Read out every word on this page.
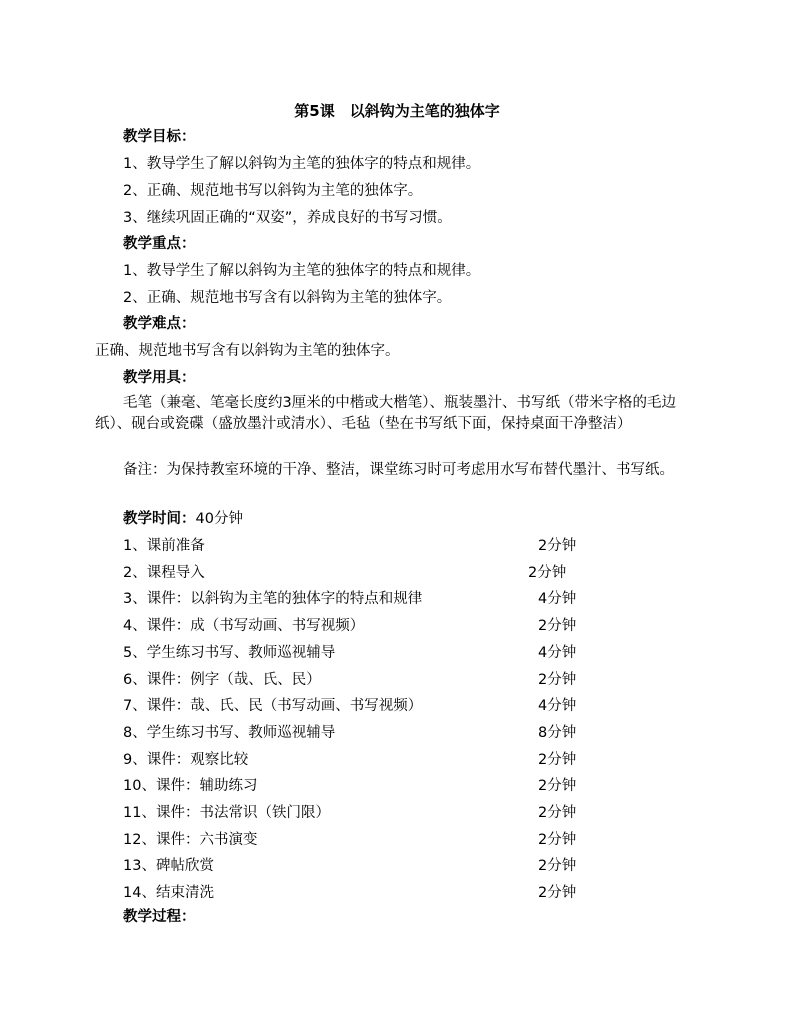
第5课　以斜钩为主笔的独体字
教学目标：
1、教导学生了解以斜钩为主笔的独体字的特点和规律。
2、正确、规范地书写以斜钩为主笔的独体字。
3、继续巩固正确的“双姿”，养成良好的书写习惯。
教学重点：
1、教导学生了解以斜钩为主笔的独体字的特点和规律。
2、正确、规范地书写含有以斜钩为主笔的独体字。
教学难点：
正确、规范地书写含有以斜钩为主笔的独体字。
教学用具：
毛笔（兼毫、笔毫长度约3厘米的中楷或大楷笔）、瓶装墨汁、书写纸（带米字格的毛边纸）、砚台或瓷碟（盛放墨汁或清水）、毛毡（垫在书写纸下面，保持桌面干净整洁）
备注：为保持教室环境的干净、整洁，课堂练习时可考虑用水写布替代墨汁、书写纸。
教学时间：40分钟
1、课前准备	2分钟
2、课程导入	2分钟
3、课件：以斜钩为主笔的独体字的特点和规律	4分钟
4、课件：成（书写动画、书写视频）	2分钟
5、学生练习书写、教师巡视辅导	4分钟
6、课件：例字（哉、氏、民）	2分钟
7、课件：哉、氏、民（书写动画、书写视频）	4分钟
8、学生练习书写、教师巡视辅导	8分钟
9、课件：观察比较	2分钟
10、课件：辅助练习	2分钟
11、课件：书法常识（铁门限）	2分钟
12、课件：六书演变	2分钟
13、碑帖欣赏	2分钟
14、结束清洗	2分钟
教学过程：
